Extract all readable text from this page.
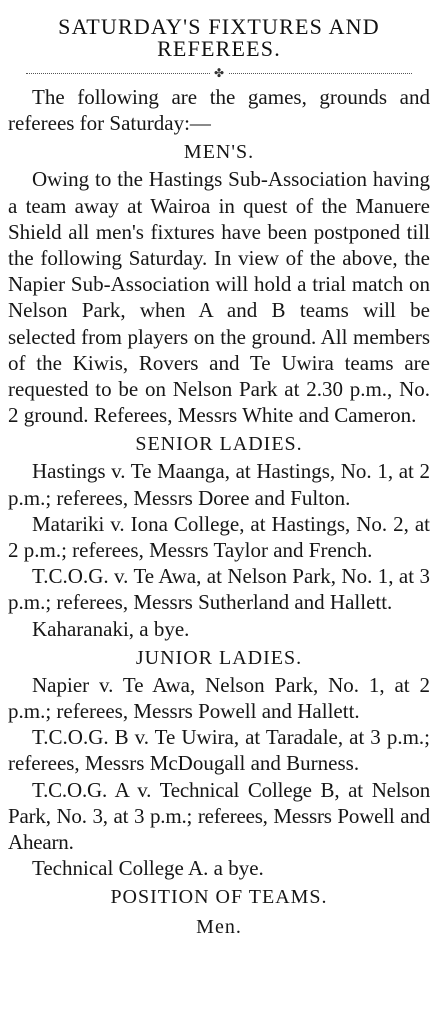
SATURDAY'S FIXTURES AND
REFEREES.
✤

The following are the games, grounds and referees for Saturday:—

MEN'S.

Owing to the Hastings Sub-Association having a team away at Wairoa in quest of the Manuere Shield all men's fixtures have been postponed till the following Saturday. In view of the above, the Napier Sub-Association will hold a trial match on Nelson Park, when A and B teams will be selected from players on the ground. All members of the Kiwis, Rovers and Te Uwira teams are requested to be on Nelson Park at 2.30 p.m., No. 2 ground. Referees, Messrs White and Cameron.

SENIOR LADIES.

Hastings v. Te Maanga, at Hastings, No. 1, at 2 p.m.; referees, Messrs Doree and Fulton.

Matariki v. Iona College, at Hastings, No. 2, at 2 p.m.; referees, Messrs Taylor and French.

T.C.O.G. v. Te Awa, at Nelson Park, No. 1, at 3 p.m.; referees, Messrs Sutherland and Hallett.

Kaharanaki, a bye.

JUNIOR LADIES.

Napier v. Te Awa, Nelson Park, No. 1, at 2 p.m.; referees, Messrs Powell and Hallett.

T.C.O.G. B v. Te Uwira, at Taradale, at 3 p.m.; referees, Messrs McDougall and Burness.

T.C.O.G. A v. Technical College B, at Nelson Park, No. 3, at 3 p.m.; referees, Messrs Powell and Ahearn.

Technical College A. a bye.

POSITION OF TEAMS.
Men.
